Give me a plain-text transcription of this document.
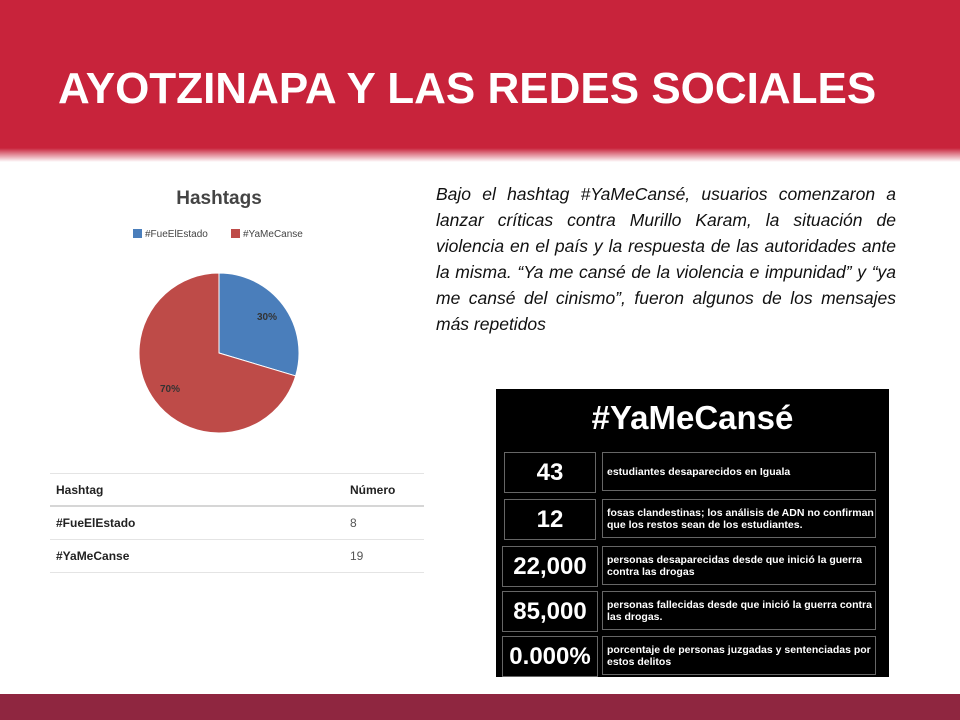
AYOTZINAPA Y LAS REDES SOCIALES
Hashtags
#FueElEstado	#YaMeCanse
30%
70%
Hashtag	Número
#FueElEstado	8
#YaMeCanse	19

Bajo el hashtag #YaMeCansé, usuarios comenzaron a lanzar críticas contra Murillo Karam, la situación de violencia en el país y la respuesta de las autoridades ante la misma. “Ya me cansé de la violencia e impunidad” y “ya me cansé del cinismo”, fueron algunos de los mensajes más repetidos

#YaMeCansé
43	estudiantes desaparecidos en Iguala
12	fosas clandestinas; los análisis de ADN no confirman que los restos sean de los estudiantes.
22,000	personas desaparecidas desde que inició la guerra contra las drogas
85,000	personas fallecidas desde que inició la guerra contra las drogas.
0.000%	porcentaje de personas juzgadas y sentenciadas por estos delitos
